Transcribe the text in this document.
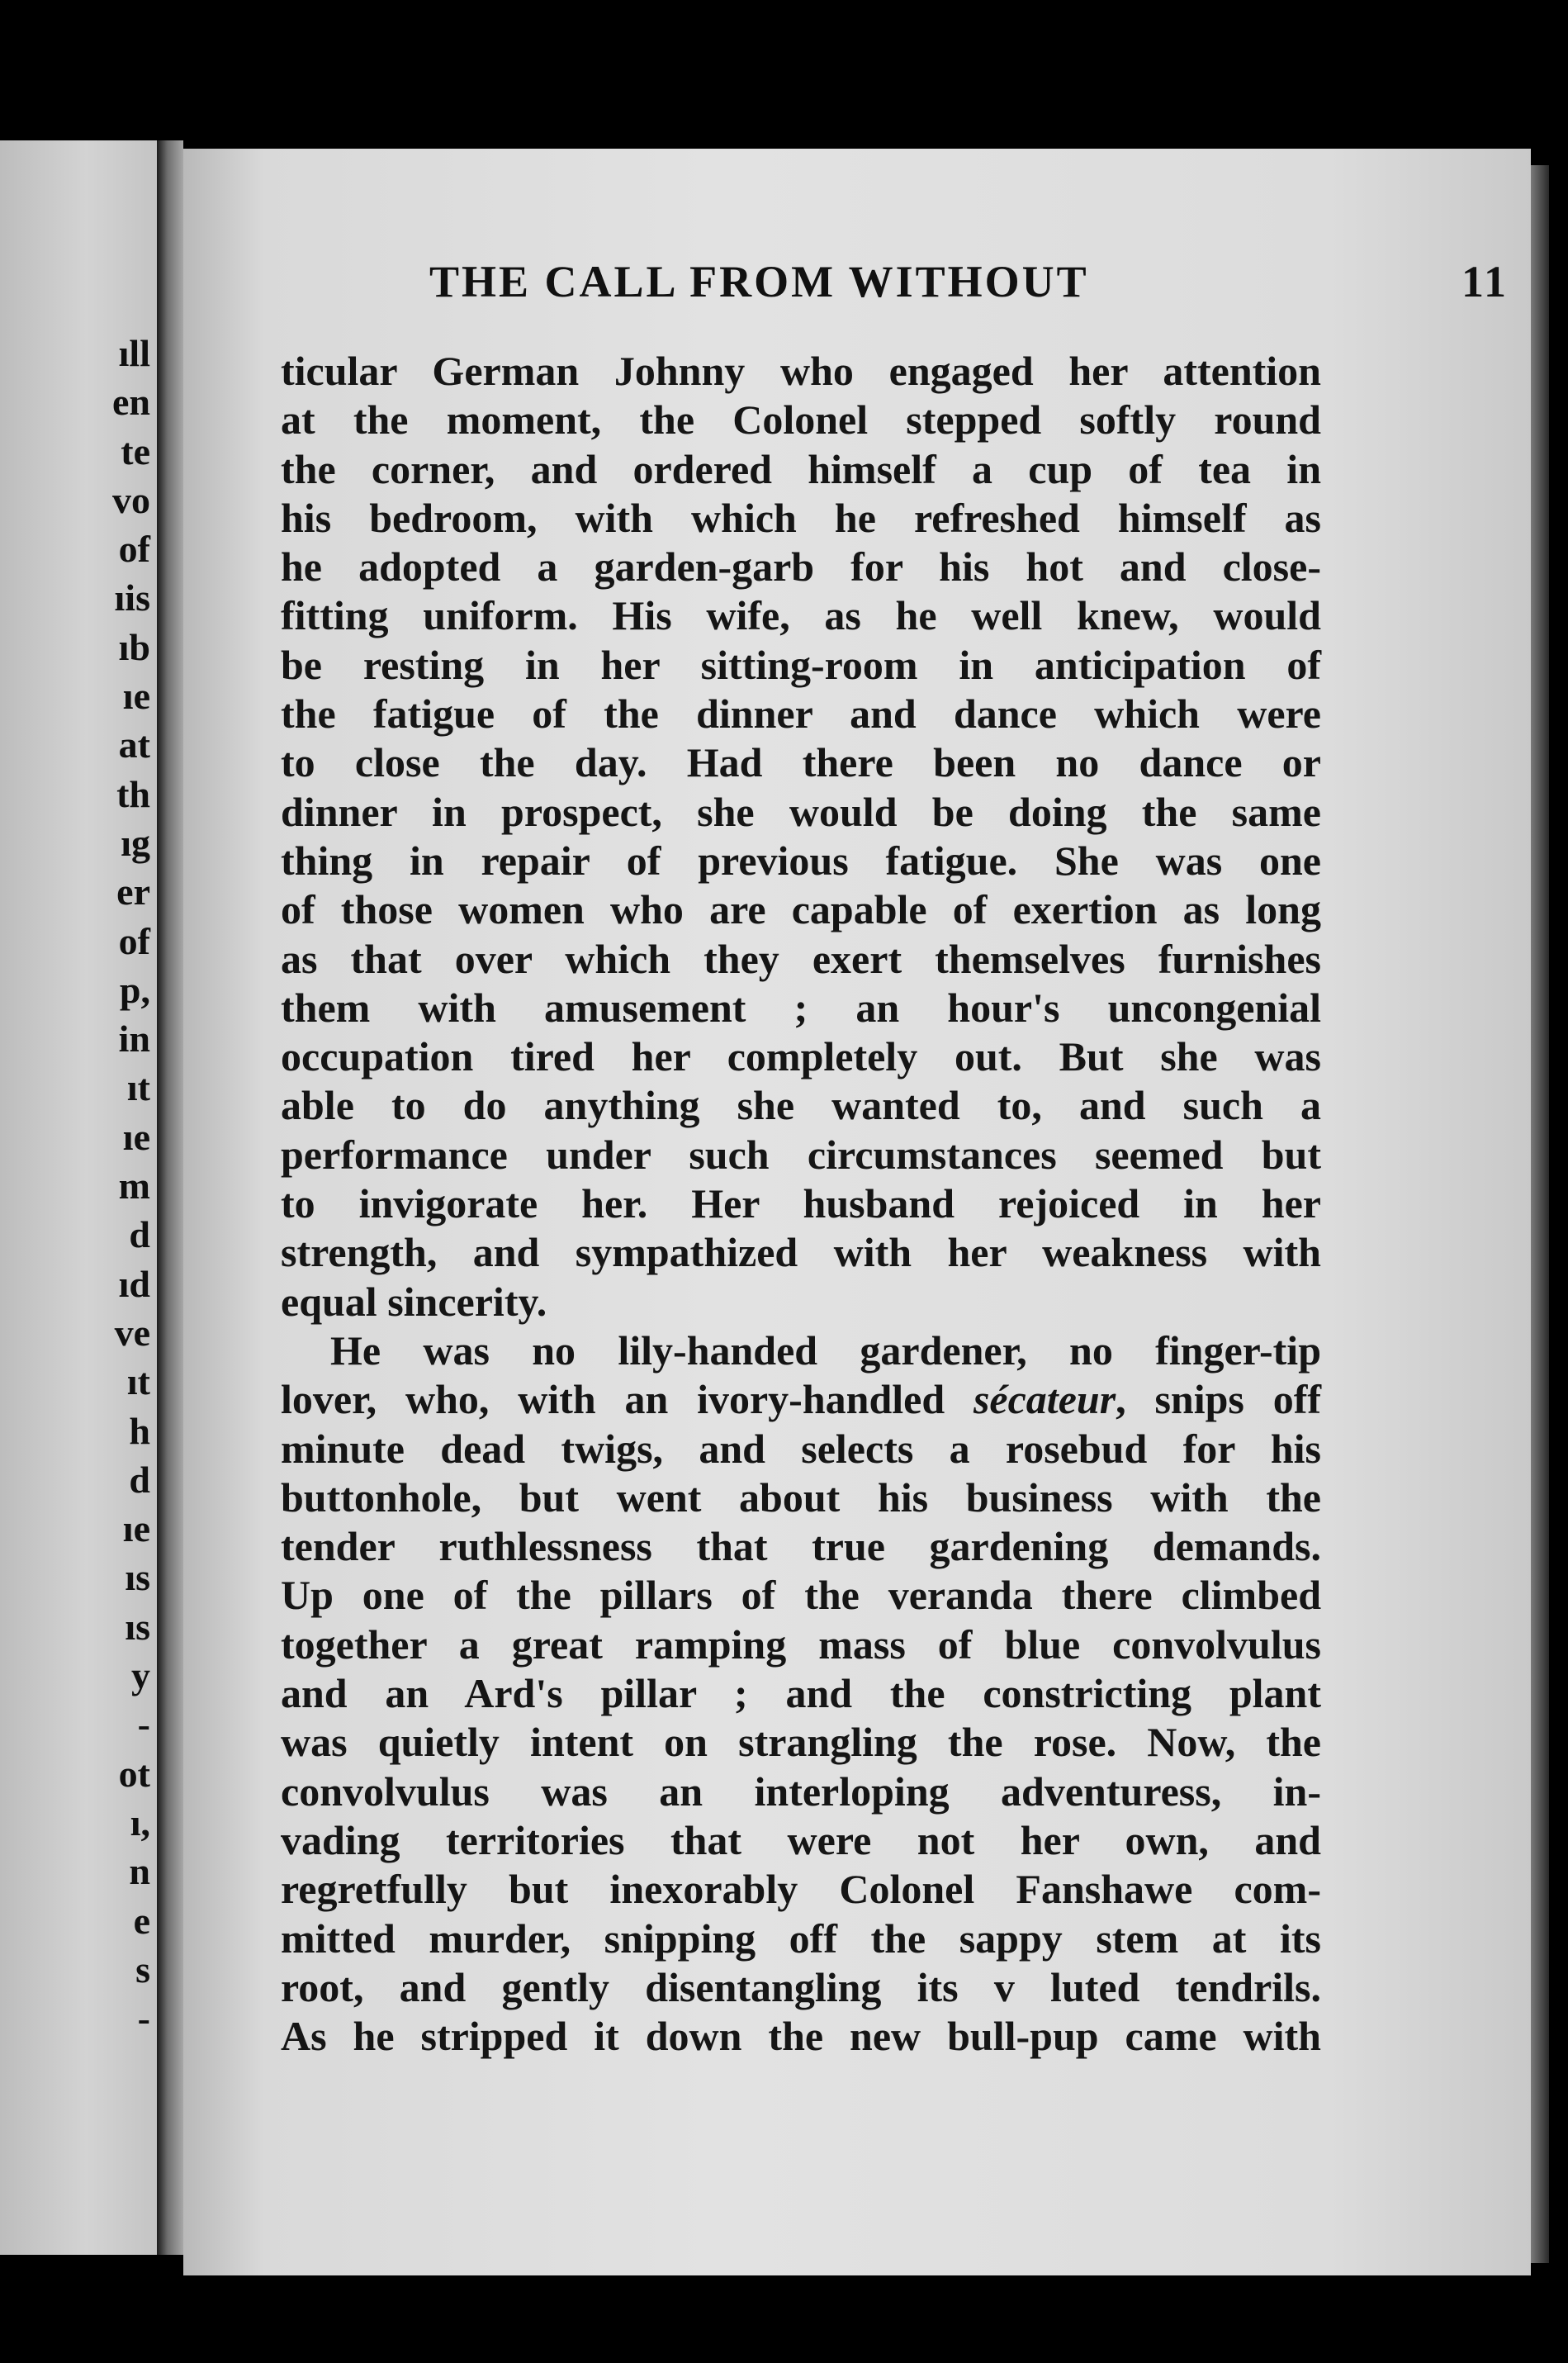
ıll
en
te
vo
of
ıis
ıb
ıe
at
th
ıg
er
of
p,
in
ıt
ıe
m
d
ıd
ve
ıt
h
d
ıe
ıs
ıs
y
-
ot
ı,
n
e
s
-
THE CALL FROM WITHOUT	11
ticular German Johnny who engaged her attention
at the moment, the Colonel stepped softly round
the corner, and ordered himself a cup of tea in
his bedroom, with which he refreshed himself as
he adopted a garden-garb for his hot and close-
fitting uniform. His wife, as he well knew, would
be resting in her sitting-room in anticipation of
the fatigue of the dinner and dance which were
to close the day. Had there been no dance or
dinner in prospect, she would be doing the same
thing in repair of previous fatigue. She was one
of those women who are capable of exertion as long
as that over which they exert themselves furnishes
them with amusement ; an hour's uncongenial
occupation tired her completely out. But she was
able to do anything she wanted to, and such a
performance under such circumstances seemed but
to invigorate her. Her husband rejoiced in her
strength, and sympathized with her weakness with
equal sincerity.
He was no lily-handed gardener, no finger-tip
lover, who, with an ivory-handled sécateur, snips off
minute dead twigs, and selects a rosebud for his
buttonhole, but went about his business with the
tender ruthlessness that true gardening demands.
Up one of the pillars of the veranda there climbed
together a great ramping mass of blue convolvulus
and an Ard's pillar ; and the constricting plant
was quietly intent on strangling the rose. Now, the
convolvulus was an interloping adventuress, in-
vading territories that were not her own, and
regretfully but inexorably Colonel Fanshawe com-
mitted murder, snipping off the sappy stem at its
root, and gently disentangling its v luted tendrils.
As he stripped it down the new bull-pup came with
